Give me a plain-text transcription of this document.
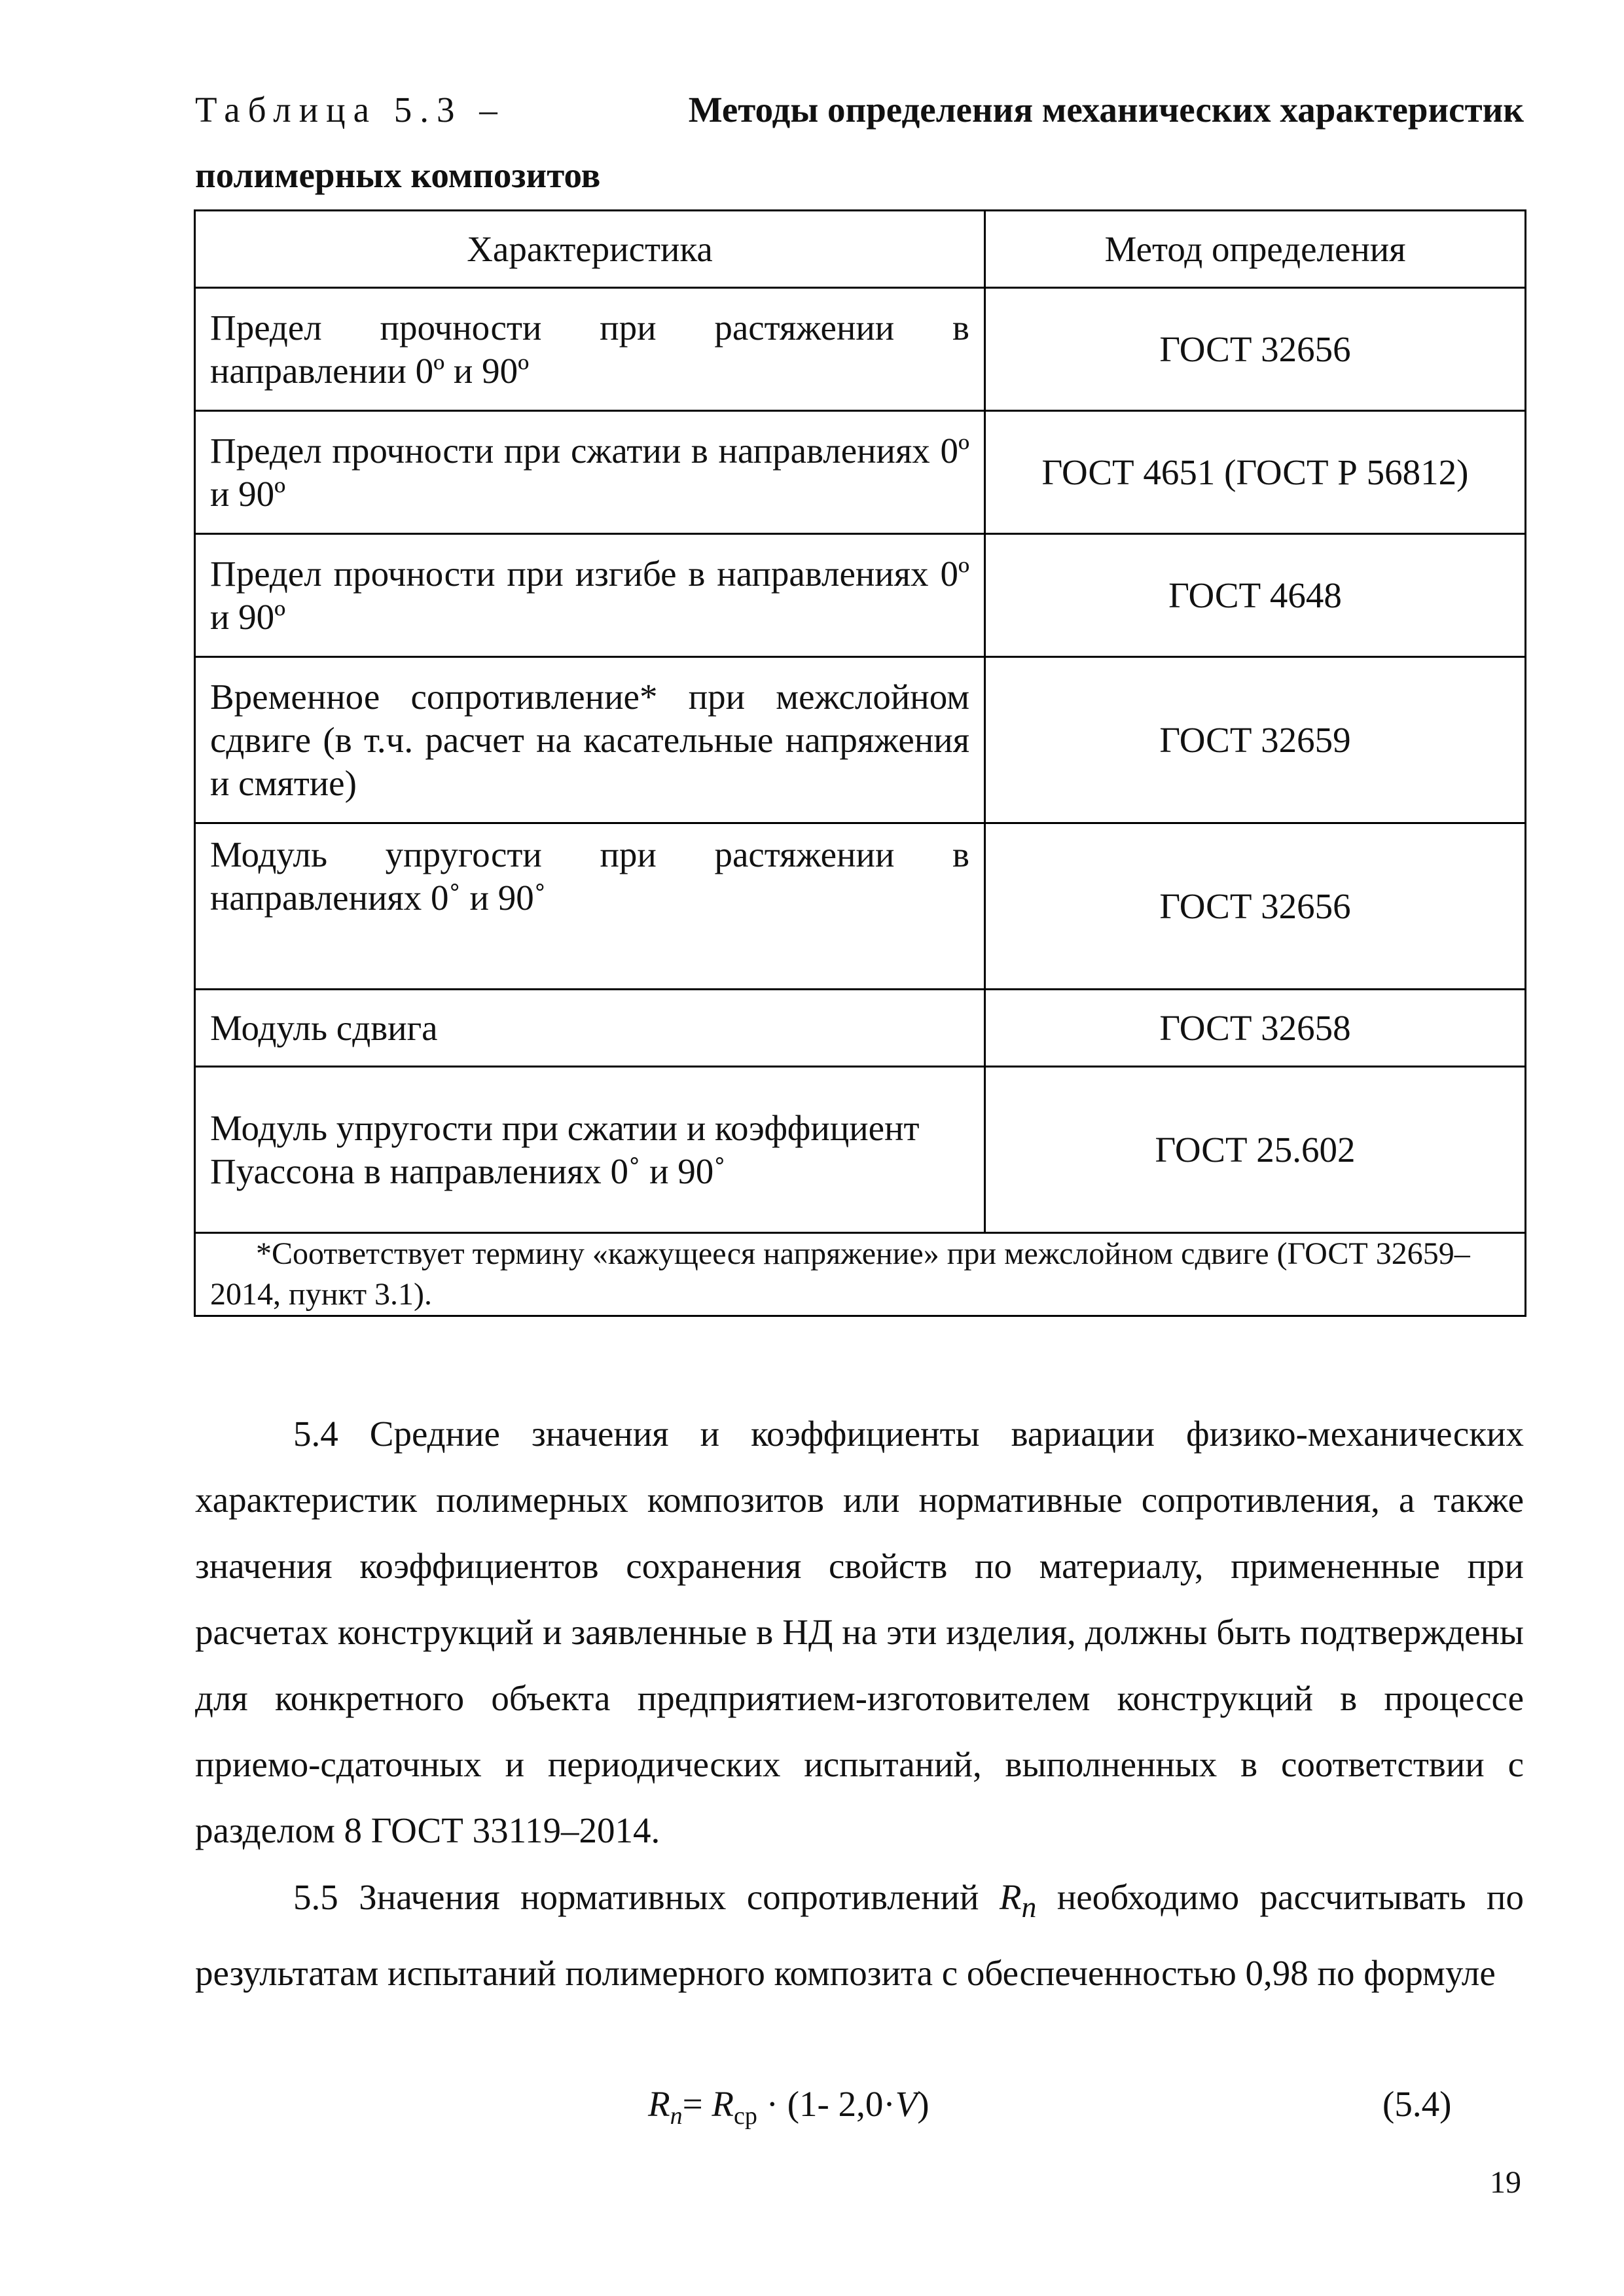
Таблица 5.3 –	Методы определения механических характеристик
полимерных композитов
Характеристика	Метод определения
Предел прочности при растяжении в направлении 0º и 90º	ГОСТ 32656
Предел прочности при сжатии в направлениях 0º и 90º	ГОСТ 4651 (ГОСТ Р 56812)
Предел прочности при изгибе в направлениях 0º и 90º	ГОСТ 4648
Временное сопротивление* при межслойном сдвиге (в т.ч. расчет на касательные напряжения и смятие)	ГОСТ 32659
Модуль упругости при растяжении в направлениях 0˚ и 90˚	ГОСТ 32656
Модуль сдвига	ГОСТ 32658
Модуль упругости при сжатии и коэффициент Пуассона в направлениях 0˚ и 90˚	ГОСТ 25.602
*Соответствует термину «кажущееся напряжение» при межслойном сдвиге (ГОСТ 32659–2014, пункт 3.1).	

5.4 Средние значения и коэффициенты вариации физико-механических характеристик полимерных композитов или нормативные сопротивления, а также значения коэффициентов сохранения свойств по материалу, примененные при расчетах конструкций и заявленные в НД на эти изделия, должны быть подтверждены для конкретного объекта предприятием-изготовителем конструкций в процессе приемо-сдаточных и периодических испытаний, выполненных в соответствии с разделом 8 ГОСТ 33119–2014.

5.5 Значения нормативных сопротивлений $R_n$ необходимо рассчитывать по результатам испытаний полимерного композита с обеспеченностью 0,98 по формуле

$R_n= R_{ср} \cdot (1-$ 2,0·V)	(5.4)
19
